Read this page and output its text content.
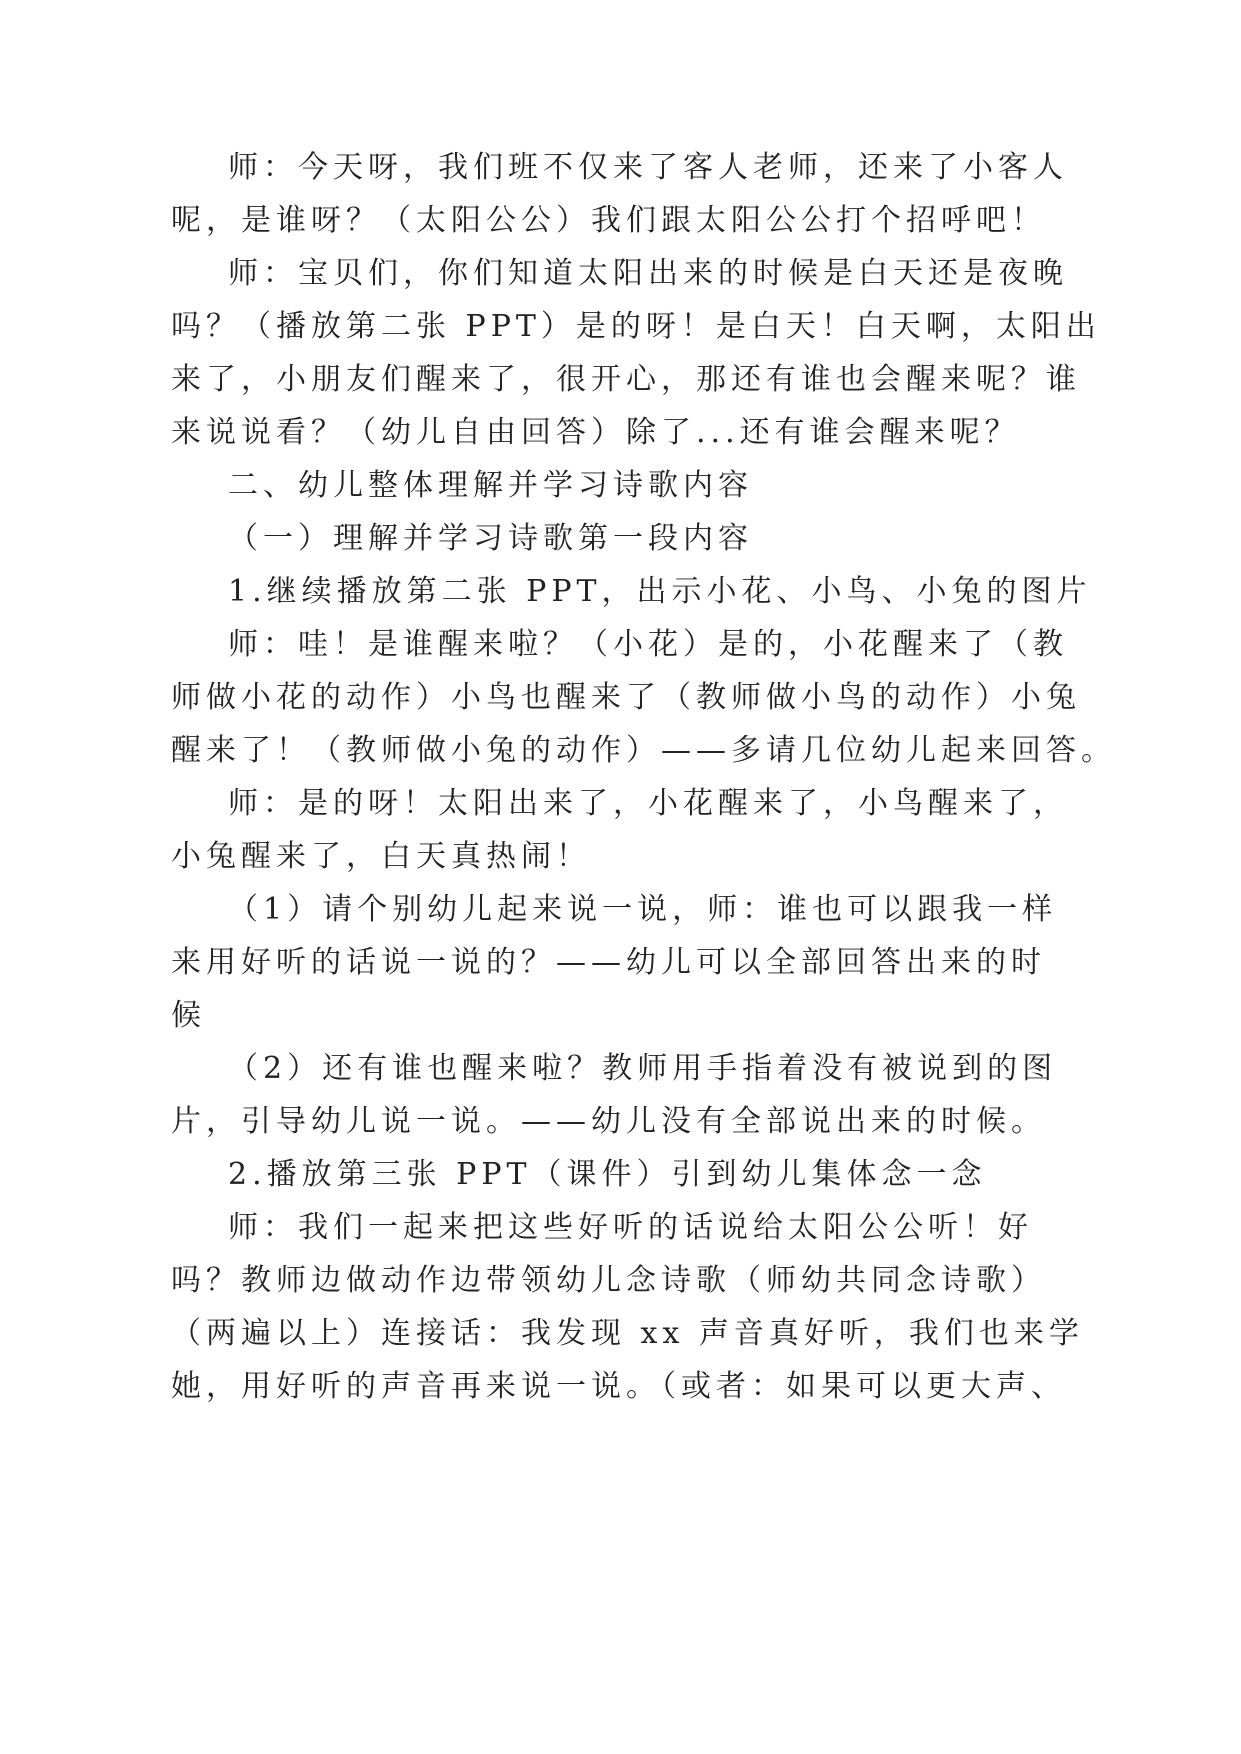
师：今天呀，我们班不仅来了客人老师，还来了小客人
呢，是谁呀？（太阳公公）我们跟太阳公公打个招呼吧！
师：宝贝们，你们知道太阳出来的时候是白天还是夜晚
吗？（播放第二张 PPT）是的呀！是白天！白天啊，太阳出
来了，小朋友们醒来了，很开心，那还有谁也会醒来呢？谁
来说说看？（幼儿自由回答）除了...还有谁会醒来呢？
二、幼儿整体理解并学习诗歌内容
（一）理解并学习诗歌第一段内容
1.继续播放第二张 PPT，出示小花、小鸟、小兔的图片
师：哇！是谁醒来啦？（小花）是的，小花醒来了（教
师做小花的动作）小鸟也醒来了（教师做小鸟的动作）小兔
醒来了！（教师做小兔的动作）——多请几位幼儿起来回答。
师：是的呀！太阳出来了，小花醒来了，小鸟醒来了，
小兔醒来了，白天真热闹！
（1）请个别幼儿起来说一说，师：谁也可以跟我一样
来用好听的话说一说的？——幼儿可以全部回答出来的时
候
（2）还有谁也醒来啦？教师用手指着没有被说到的图
片，引导幼儿说一说。——幼儿没有全部说出来的时候。
2.播放第三张 PPT（课件）引到幼儿集体念一念
师：我们一起来把这些好听的话说给太阳公公听！好
吗？教师边做动作边带领幼儿念诗歌（师幼共同念诗歌）
（两遍以上）连接话：我发现 xx 声音真好听，我们也来学
她，用好听的声音再来说一说。（或者：如果可以更大声、
